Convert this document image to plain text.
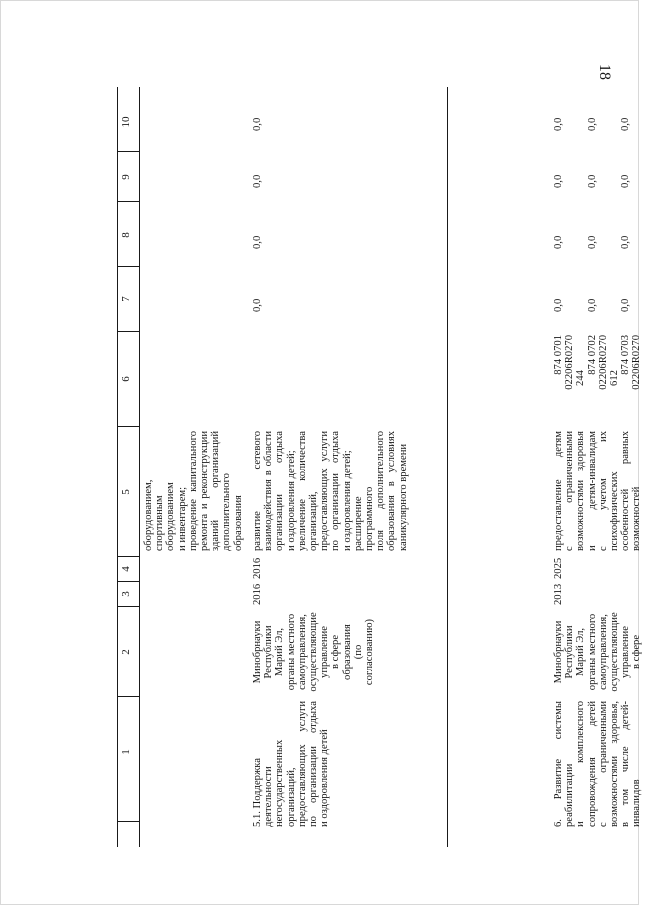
18
1
2
3
4
5
6
7
8
9
10
оборудованием, спортивным оборудованием и инвентарем; проведение капитального ремонта и реконструкции зданий организаций дополнительного образования
5.1. Поддержка деятельности негосударственных организаций, предоставляющих услуги по организации отдыха и оздоровления детей
Минобрнауки Республики Марий Эл, органы местного самоуправления, осуществляющие управление в сфере образования (по согласованию)
2016
2016
развитие сетевого взаимодействия в области организации отдыха и оздоровления детей; увеличение количества организаций, предоставляющих услуги по организации отдыха и оздоровления детей; расширение программного поля дополнительного образования в условиях каникулярного времени
0,0
0,0
0,0
0,0
6. Развитие системы реабилитации и комплексного сопровождения детей с ограниченными возможностями здоровья, в том числе детей- инвалидов
Минобрнауки Республики Марий Эл, органы местного самоуправления, осуществляющие управление в сфере
2013
2025
предоставление детям с ограниченными возможностями здоровья и детям-инвалидам с учетом их психофизических особенностей равных возможностей
874 0701 02206R0270 244
874 0702 02206R0270 612
874 0703 02206R0270
0,0
0,0
0,0
0,0
0,0
0,0
0,0
0,0
0,0
0,0
0,0
0,0
